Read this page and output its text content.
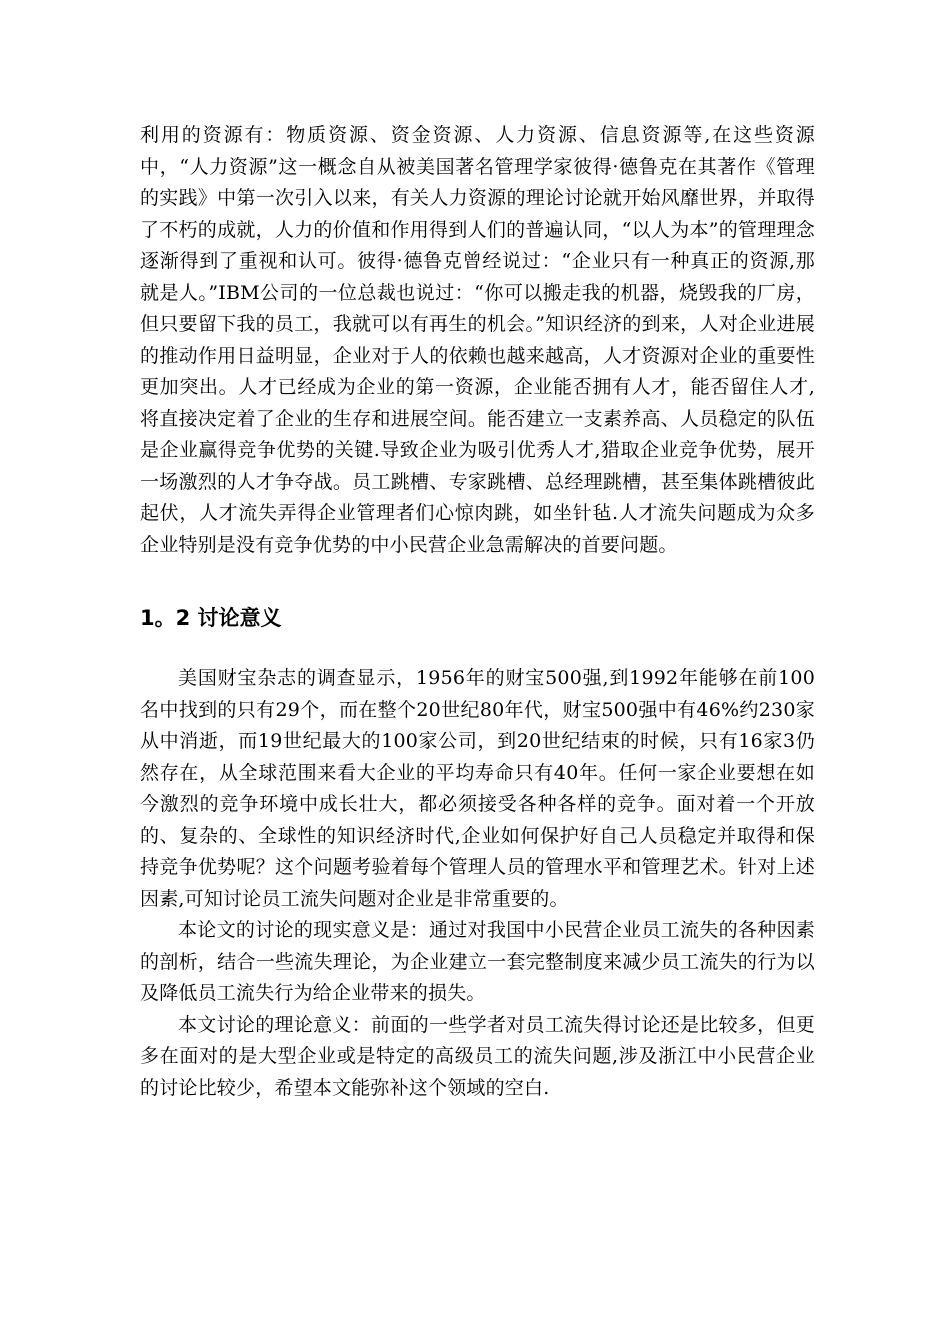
利用的资源有：物质资源、资金资源、人力资源、信息资源等,在这些资源中，“人力资源”这一概念自从被美国著名管理学家彼得·德鲁克在其著作《管理的实践》中第一次引入以来，有关人力资源的理论讨论就开始风靡世界，并取得了不朽的成就，人力的价值和作用得到人们的普遍认同，“以人为本”的管理理念逐渐得到了重视和认可。彼得·德鲁克曾经说过：“企业只有一种真正的资源,那就是人。”IBM公司的一位总裁也说过：“你可以搬走我的机器，烧毁我的厂房，但只要留下我的员工，我就可以有再生的机会。”知识经济的到来，人对企业进展的推动作用日益明显，企业对于人的依赖也越来越高，人才资源对企业的重要性更加突出。人才已经成为企业的第一资源，企业能否拥有人才，能否留住人才,将直接决定着了企业的生存和进展空间。能否建立一支素养高、人员稳定的队伍是企业赢得竞争优势的关键.导致企业为吸引优秀人才,猎取企业竞争优势，展开一场激烈的人才争夺战。员工跳槽、专家跳槽、总经理跳槽，甚至集体跳槽彼此起伏，人才流失弄得企业管理者们心惊肉跳，如坐针毡.人才流失问题成为众多企业特别是没有竞争优势的中小民营企业急需解决的首要问题。

1。2 讨论意义

美国财宝杂志的调查显示，1956年的财宝500强,到1992年能够在前100名中找到的只有29个，而在整个20世纪80年代，财宝500强中有46%约230家从中消逝，而19世纪最大的100家公司，到20世纪结束的时候，只有16家3仍然存在，从全球范围来看大企业的平均寿命只有40年。任何一家企业要想在如今激烈的竞争环境中成长壮大，都必须接受各种各样的竞争。面对着一个开放的、复杂的、全球性的知识经济时代,企业如何保护好自己人员稳定并取得和保持竞争优势呢？这个问题考验着每个管理人员的管理水平和管理艺术。针对上述因素,可知讨论员工流失问题对企业是非常重要的。

本论文的讨论的现实意义是：通过对我国中小民营企业员工流失的各种因素的剖析，结合一些流失理论，为企业建立一套完整制度来减少员工流失的行为以及降低员工流失行为给企业带来的损失。

本文讨论的理论意义：前面的一些学者对员工流失得讨论还是比较多，但更多在面对的是大型企业或是特定的高级员工的流失问题,涉及浙江中小民营企业的讨论比较少，希望本文能弥补这个领域的空白.
